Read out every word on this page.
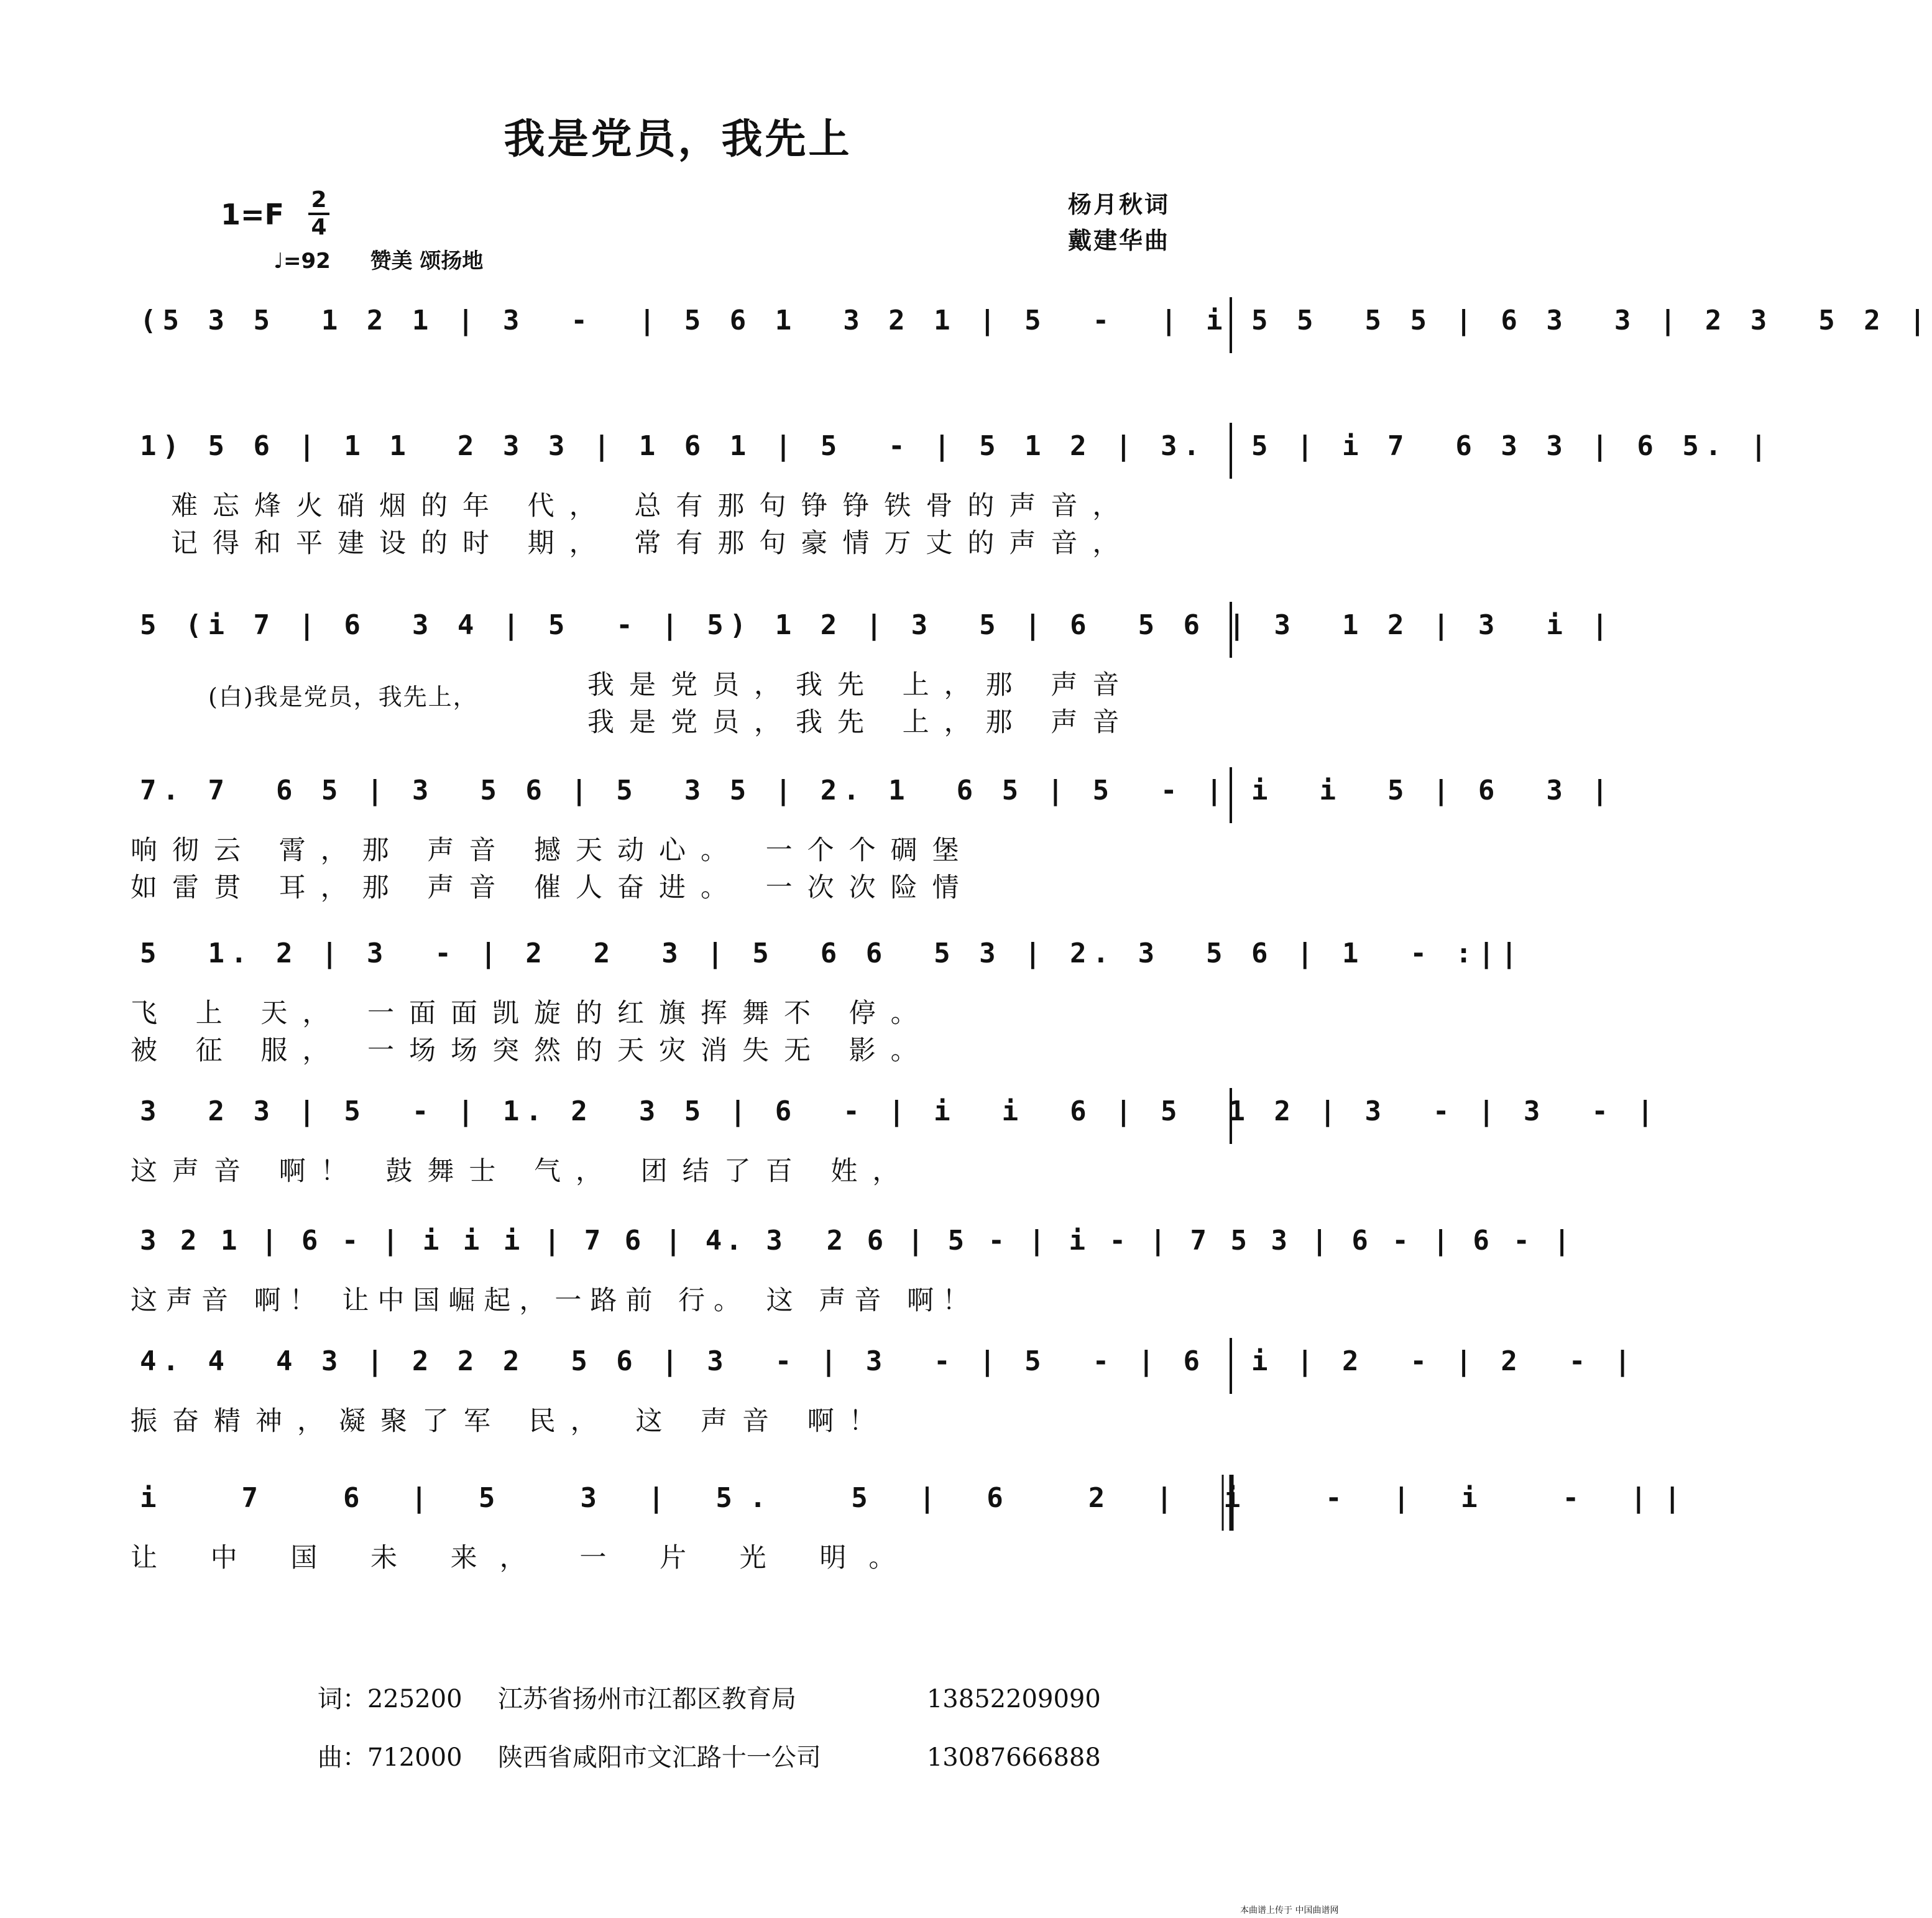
我是党员，我先上
1=F 2
4
♩=92 赞美 颂扬地
杨月秋词
戴建华曲
(5 3 5  1 2 1 | 3  -  | 5 6 1  3 2 1 | 5  -  | i 5 5  5 5 | 6 3  3 | 2 3  5 2 |
1) 5 6 | 1 1  2 3 3 | 1 6 1 | 5  - | 5 1 2 | 3.  5 | i 7  6 3 3 | 6 5. |
难忘烽火硝烟的年 代， 总有那句铮铮铁骨的声音，
记得和平建设的时 期， 常有那句豪情万丈的声音，
5 (i 7 | 6  3 4 | 5  - | 5) 1 2 | 3  5 | 6  5 6 | 3  1 2 | 3  i |
(白)我是党员，我先上，	我是党员，我先 上，那 声音
我是党员，我先 上，那 声音
7. 7  6 5 | 3  5 6 | 5  3 5 | 2. 1  6 5 | 5  - | i  i  5 | 6  3 |
响彻云 霄，那 声音 撼天动心。 一个个碉堡
如雷贯 耳，那 声音 催人奋进。 一次次险情
5  1. 2 | 3  - | 2  2  3 | 5  6 6  5 3 | 2. 3  5 6 | 1  - :||
飞 上 天， 一面面凯旋的红旗挥舞不 停。
被 征 服， 一场场突然的天灾消失无 影。
3  2 3 | 5  - | 1. 2  3 5 | 6  - | i  i  6 | 5  1 2 | 3  - | 3  - |
这声音 啊！ 鼓舞士 气， 团结了百 姓，
3 2 1 | 6 - | i i i | 7 6 | 4. 3  2 6 | 5 - | i - | 7 5 3 | 6 - | 6 - |
这声音 啊！ 让中国崛起，一路前 行。 这 声音 啊！
4. 4  4 3 | 2 2 2  5 6 | 3  - | 3  - | 5  - | 6  i | 2  - | 2  - |
振奋精神，凝聚了军 民， 这 声音 啊！
i  7  6 | 5  3 | 5.  5 | 6  2 | i  - | i  - ||
让 中 国 未 来， 一 片 光 明。

词：225200 江苏省扬州市江都区教育局	13852209090

曲：712000 陕西省咸阳市文汇路十一公司	13087666888

本曲谱上传于 中国曲谱网
